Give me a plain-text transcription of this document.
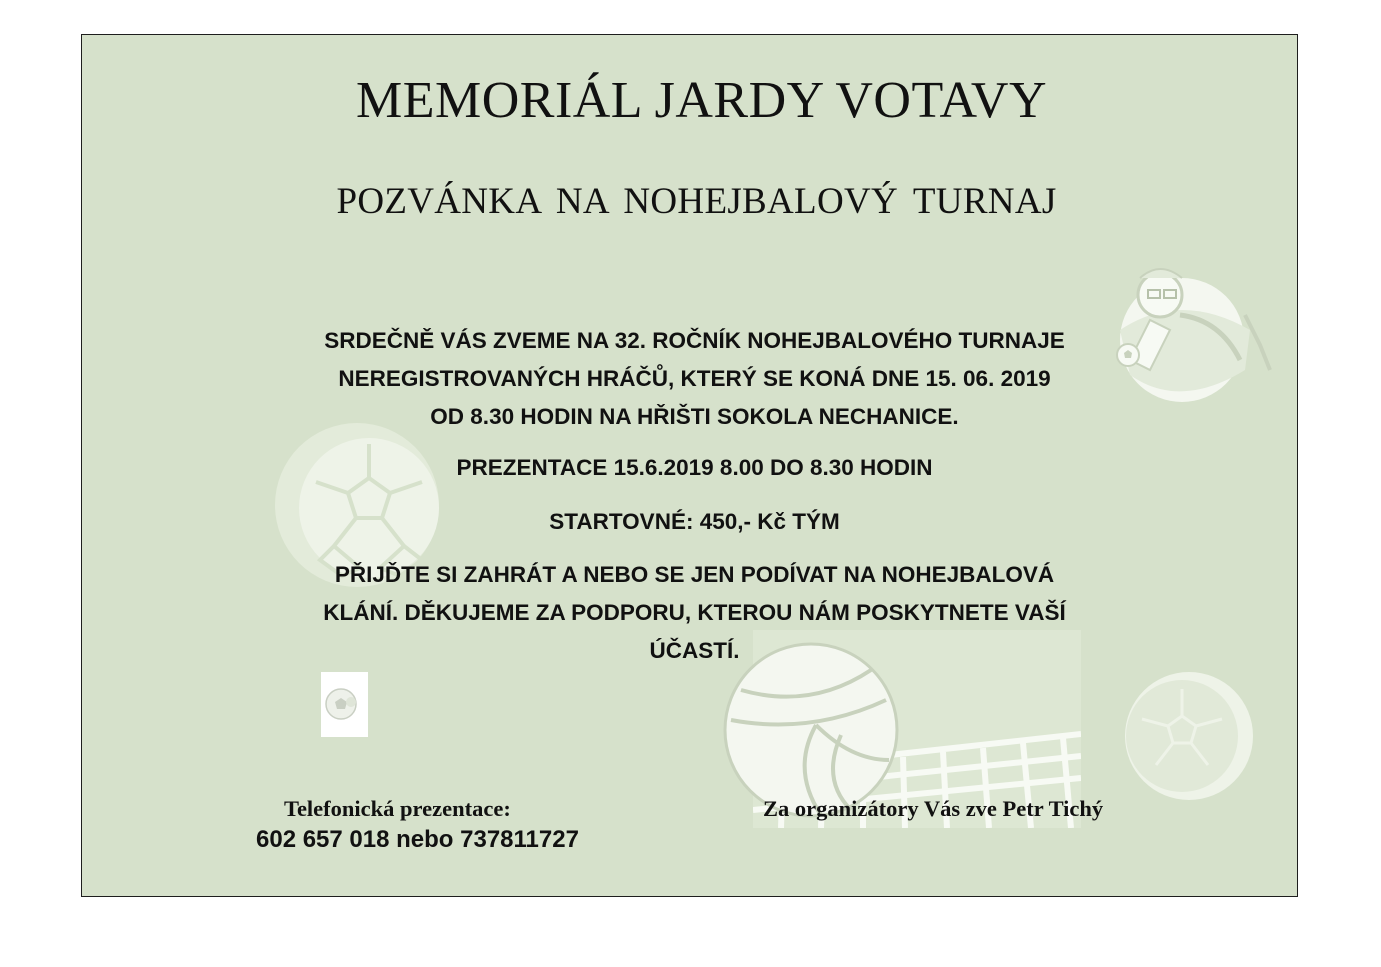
MEMORIÁL JARDY VOTAVY
POZVÁNKA NA NOHEJBALOVÝ TURNAJ
SRDEČNĚ VÁS ZVEME NA 32. ROČNÍK NOHEJBALOVÉHO TURNAJE
NEREGISTROVANÝCH HRÁČŮ, KTERÝ SE KONÁ DNE 15. 06. 2019
OD 8.30 HODIN NA HŘIŠTI SOKOLA NECHANICE.
PREZENTACE 15.6.2019 8.00 DO 8.30 HODIN
STARTOVNÉ: 450,- Kč TÝM
PŘIJĎTE SI ZAHRÁT A NEBO SE JEN PODÍVAT NA NOHEJBALOVÁ
KLÁNÍ. DĚKUJEME ZA PODPORU, KTEROU NÁM POSKYTNETE VAŠÍ
ÚČASTÍ.
Telefonická prezentace:
602 657 018 nebo 737811727
Za organizátory Vás zve Petr Tichý
